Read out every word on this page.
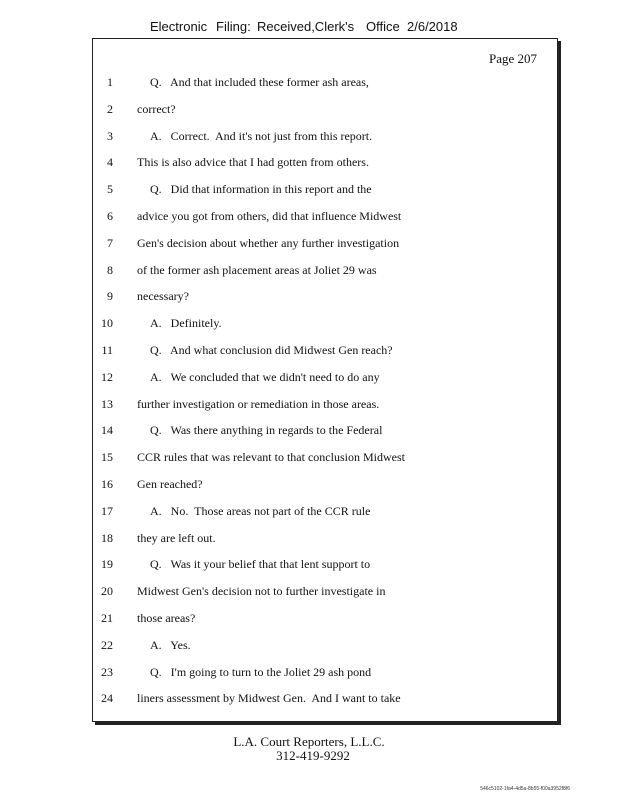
Electronic Filing: Received,Clerk's Office 2/6/2018
Page 207
1	Q.   And that included these former ash areas,
2 correct?
3	A.   Correct.  And it's not just from this report.
4 This is also advice that I had gotten from others.
5	Q.   Did that information in this report and the
6 advice you got from others, did that influence Midwest
7 Gen's decision about whether any further investigation
8 of the former ash placement areas at Joliet 29 was
9 necessary?
10	A.   Definitely.
11	Q.   And what conclusion did Midwest Gen reach?
12	A.   We concluded that we didn't need to do any
13 further investigation or remediation in those areas.
14	Q.   Was there anything in regards to the Federal
15 CCR rules that was relevant to that conclusion Midwest
16 Gen reached?
17	A.   No.  Those areas not part of the CCR rule
18 they are left out.
19	Q.   Was it your belief that that lent support to
20 Midwest Gen's decision not to further investigate in
21 those areas?
22	A.   Yes.
23	Q.   I'm going to turn to the Joliet 29 ash pond
24 liners assessment by Midwest Gen.  And I want to take
L.A. Court Reporters, L.L.C.
312-419-9292
546c5102-1fa4-4d5a-8b55-f00a3952f8f6
